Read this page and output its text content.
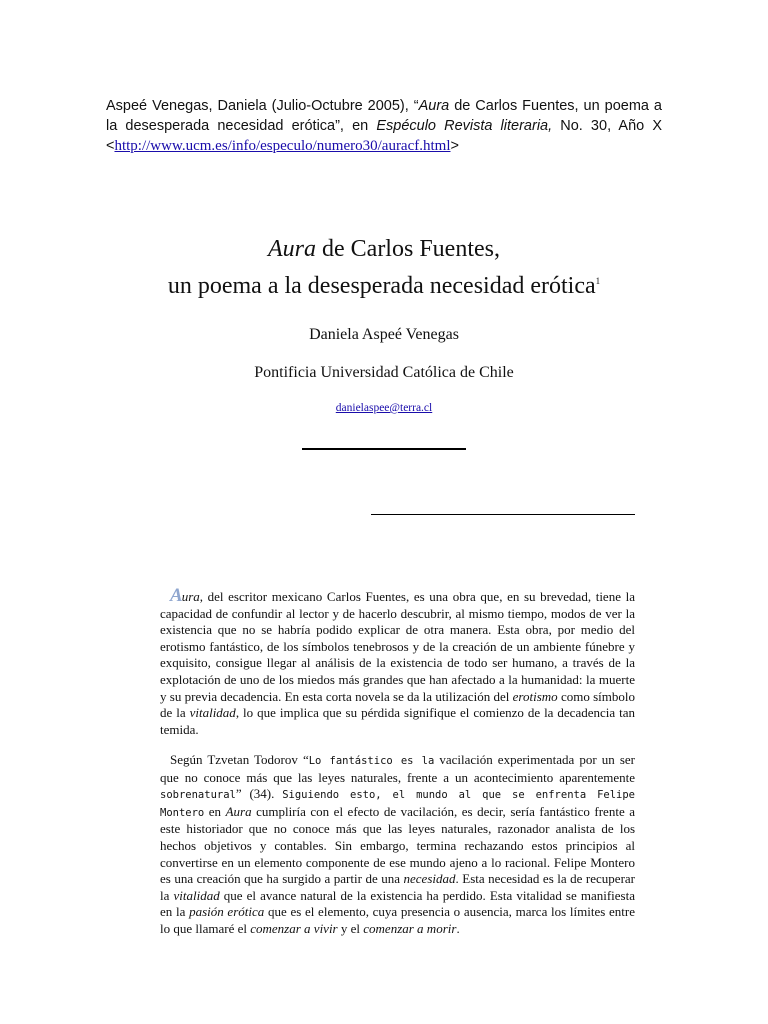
Aspeé Venegas, Daniela (Julio-Octubre 2005), “Aura de Carlos Fuentes, un poema a la desesperada necesidad erótica”, en Espéculo Revista literaria, No. 30, Año X <http://www.ucm.es/info/especulo/numero30/auracf.html>
Aura de Carlos Fuentes,
un poema a la desesperada necesidad erótica$^1$
Daniela Aspeé Venegas
Pontificia Universidad Católica de Chile
danielaspee@terra.cl
Aura, del escritor mexicano Carlos Fuentes, es una obra que, en su brevedad, tiene la capacidad de confundir al lector y de hacerlo descubrir, al mismo tiempo, modos de ver la existencia que no se habría podido explicar de otra manera. Esta obra, por medio del erotismo fantástico, de los símbolos tenebrosos y de la creación de un ambiente fúnebre y exquisito, consigue llegar al análisis de la existencia de todo ser humano, a través de la explotación de uno de los miedos más grandes que han afectado a la humanidad: la muerte y su previa decadencia. En esta corta novela se da la utilización del erotismo como símbolo de la vitalidad, lo que implica que su pérdida signifique el comienzo de la decadencia tan temida.
Según Tzvetan Todorov “Lo fantástico es la vacilación experimentada por un ser que no conoce más que las leyes naturales, frente a un acontecimiento aparentemente sobrenatural” (34). Siguiendo esto, el mundo al que se enfrenta Felipe Montero en Aura cumpliría con el efecto de vacilación, es decir, sería fantástico frente a este historiador que no conoce más que las leyes naturales, razonador analista de los hechos objetivos y contables. Sin embargo, termina rechazando estos principios al convertirse en un elemento componente de ese mundo ajeno a lo racional. Felipe Montero es una creación que ha surgido a partir de una necesidad. Esta necesidad es la de recuperar la vitalidad que el avance natural de la existencia ha perdido. Esta vitalidad se manifiesta en la pasión erótica que es el elemento, cuya presencia o ausencia, marca los límites entre lo que llamaré el comenzar a vivir y el comenzar a morir.
